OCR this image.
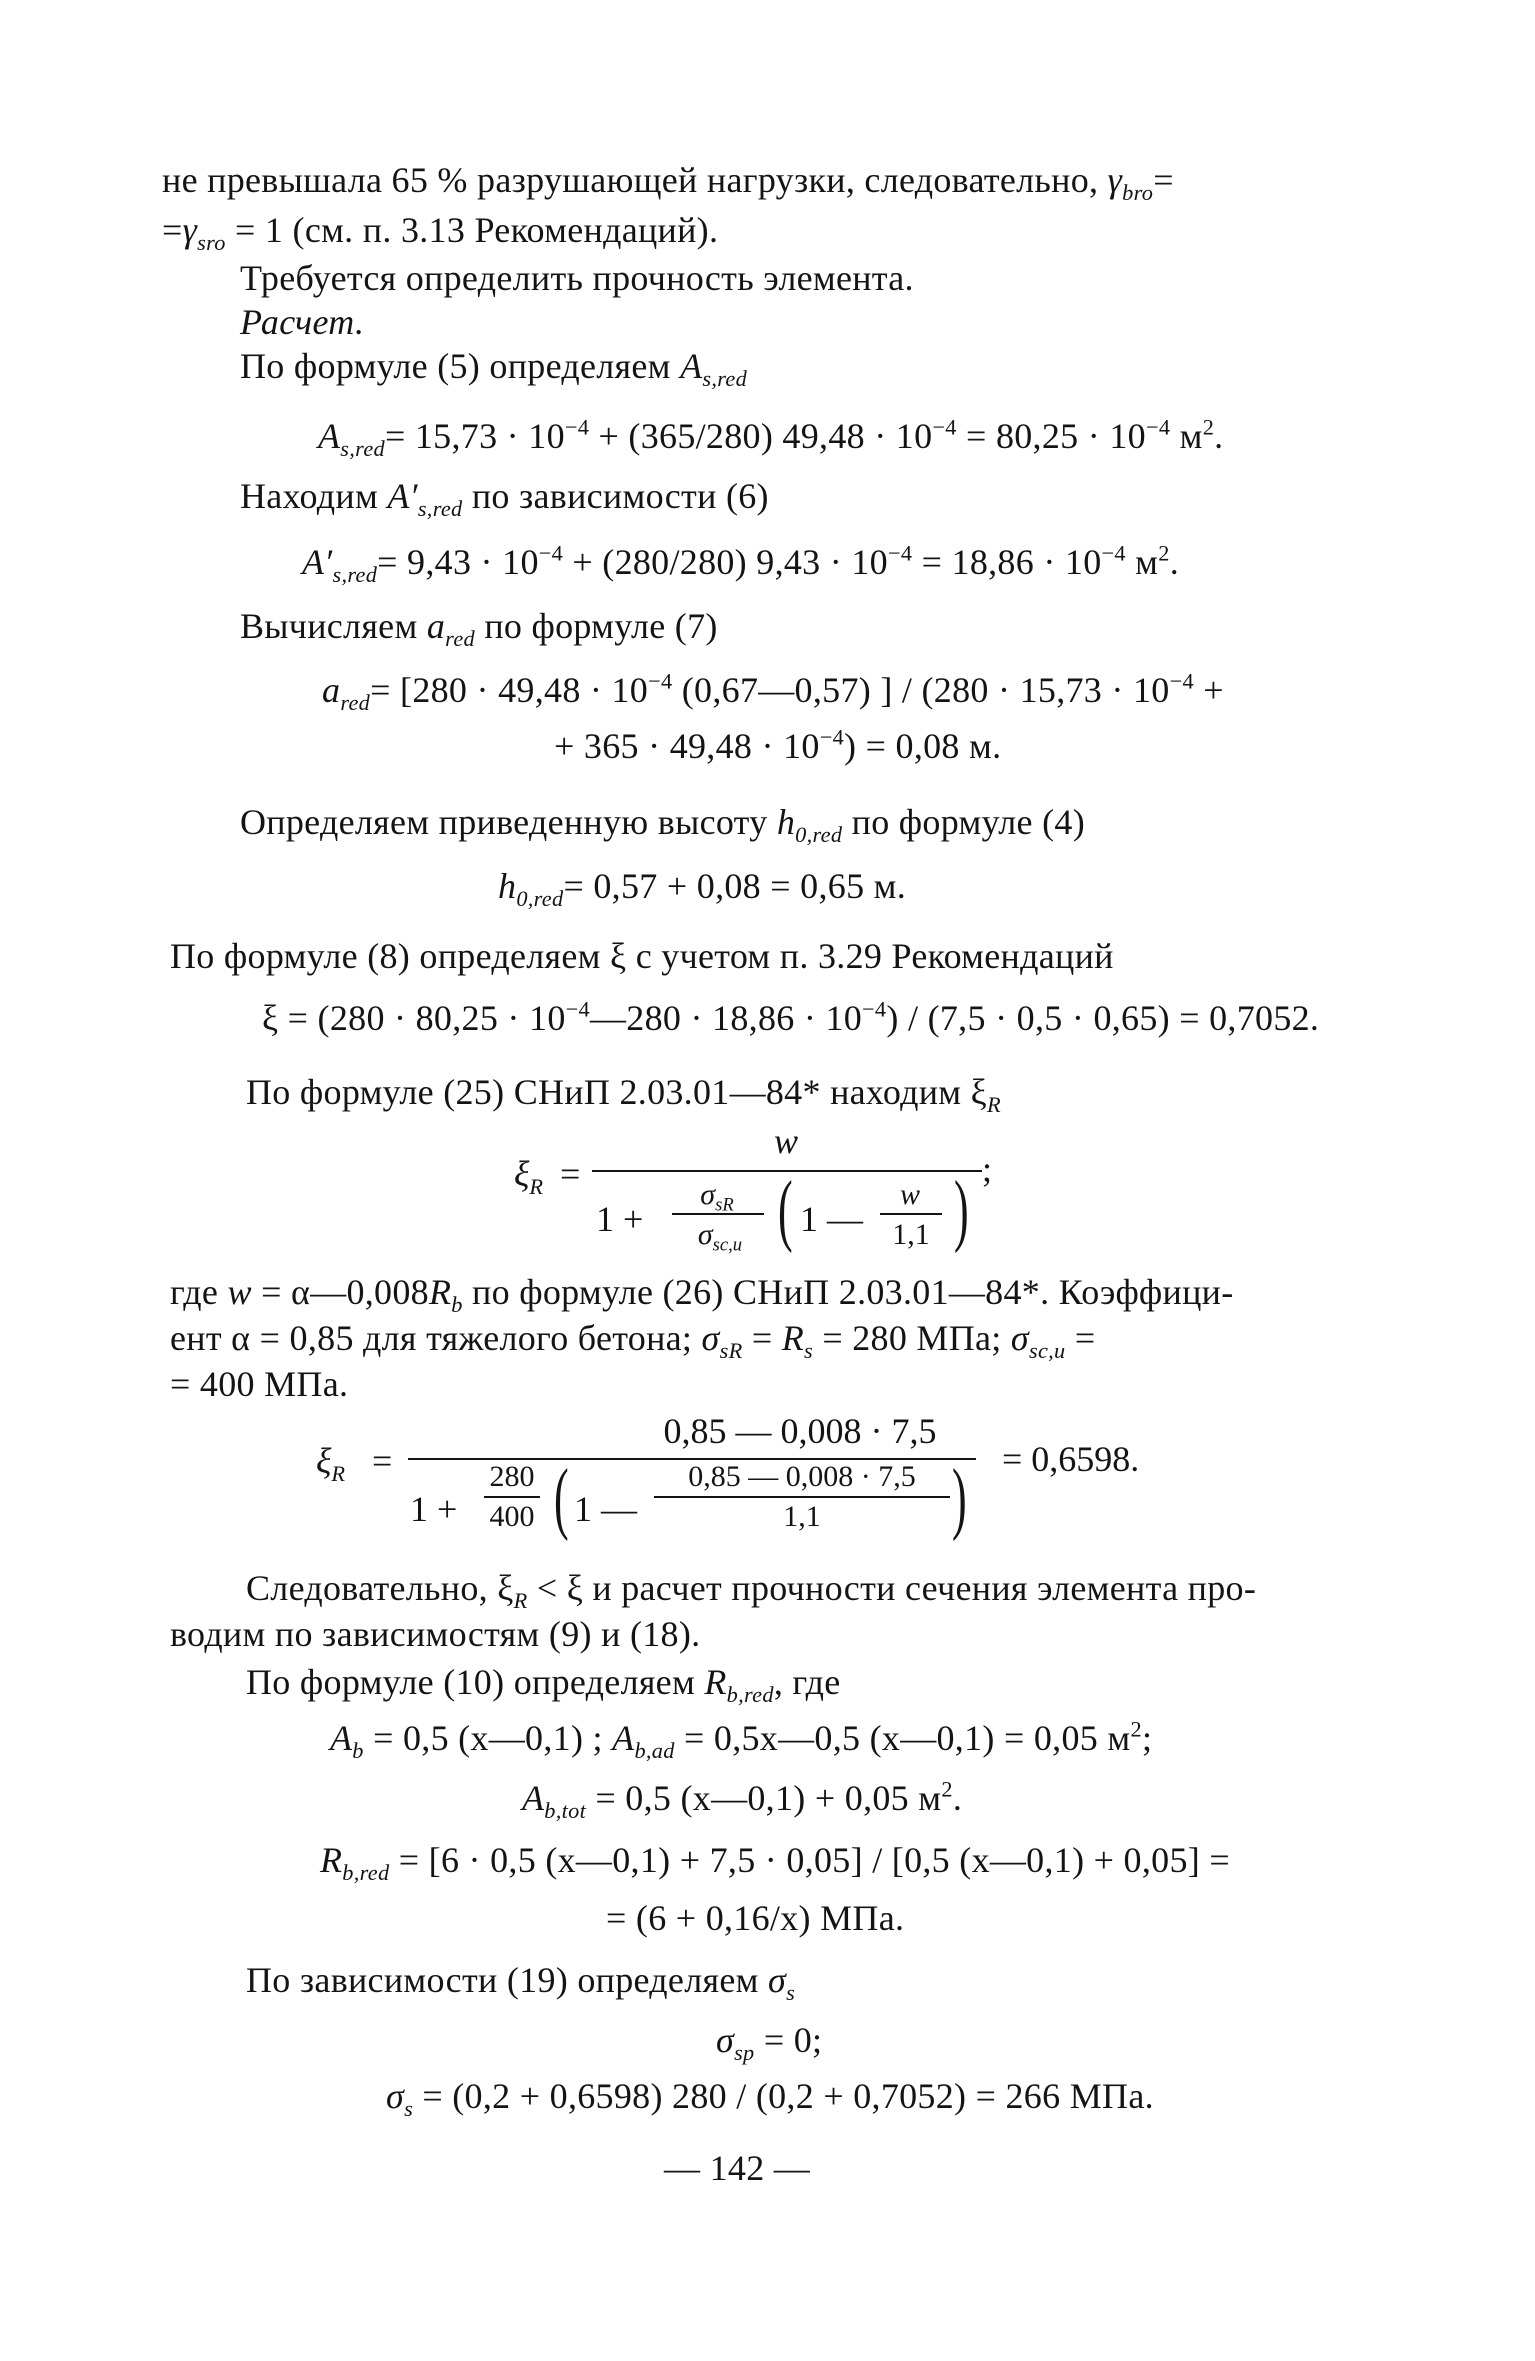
не превышала 65 % разрушающей нагрузки, следовательно, $\gamma_{bro}=$
$=\gamma_{sro} = 1$ (см. п. 3.13 Рекомендаций).
Требуется определить прочность элемента.
Расчет.
По формуле (5) определяем $A_{s,red}$
$A_{s,red}= 15,73 \cdot 10^{-4} + (365/280) 49,48 \cdot 10^{-4} = 80,25 \cdot 10^{-4}$ $м^2$.
Находим $A'_{s,red}$ по зависимости (6)
$A'_{s,red}= 9,43 \cdot 10^{-4} + (280/280) 9,43 \cdot 10^{-4} = 18,86 \cdot 10^{-4}$ $м^2$.
Вычисляем $a_{red}$ по формуле (7)
$a_{red}= [280 \cdot 49,48 \cdot 10^{-4}$ (0,67—0,57) ] / ($280 \cdot 15,73 \cdot 10^{-4}$ +
+ $365 \cdot 49,48 \cdot 10^{-4}) = 0,08$ м.
Определяем приведенную высоту $h_{0,red}$ по формуле (4)
$h_{0,red}= 0,57 + 0,08 = 0,65$ м.
По формуле (8) определяем ξ с учетом п. 3.29 Рекомендаций
$\xi = (280 \cdot 80,25 \cdot 10^{-4}—280 \cdot 18,86 \cdot 10^{-4}) / (7,5 \cdot 0,5 \cdot 0,65) = 0,7052$.
По формуле (25) СНиП 2.03.01—84* находим $\xi_R$
$\xi_R$ =
w
1 +
$\sigma_{sR}$
$\sigma_{sc,u}$ ( 1 —
w
1,1 ) ;
где $w = \alpha—0,008R_b$ по формуле (26) СНиП 2.03.01—84*. Коэффици-
ент α = 0,85 для тяжелого бетона; $\sigma_{sR} = R_s = 280$ МПа; $\sigma_{sc,u}$ =
= 400 МПа.
$\xi_R$ =
0,85 — 0,008 · 7,5
1 +
280
400 ( 1 —
0,85 — 0,008 · 7,5
1,1	) = 0,6598.
Следовательно, $\xi_R < \xi$ и расчет прочности сечения элемента про-
водим по зависимостям (9) и (18).
По формуле (10) определяем $R_{b,red}$, где
$A_b = 0,5$ (x—0,1) ; $A_{b,ad}$ = 0,5x—0,5 (x—0,1) = 0,05 $м^2$;
$A_{b,tot} = 0,5$ (x—0,1) + 0,05 $м^2$.
$R_{b,red} = [6 \cdot 0,5$ (x—0,1) + 7,5 · 0,05] / [0,5 (x—0,1) + 0,05] =
= (6 + 0,16/x) МПа.
По зависимости (19) определяем $\sigma_s$
$\sigma_{sp} = 0$;
$\sigma_s = (0,2 + 0,6598)$ 280 / (0,2 + 0,7052) = 266 МПа.
— 142 —
